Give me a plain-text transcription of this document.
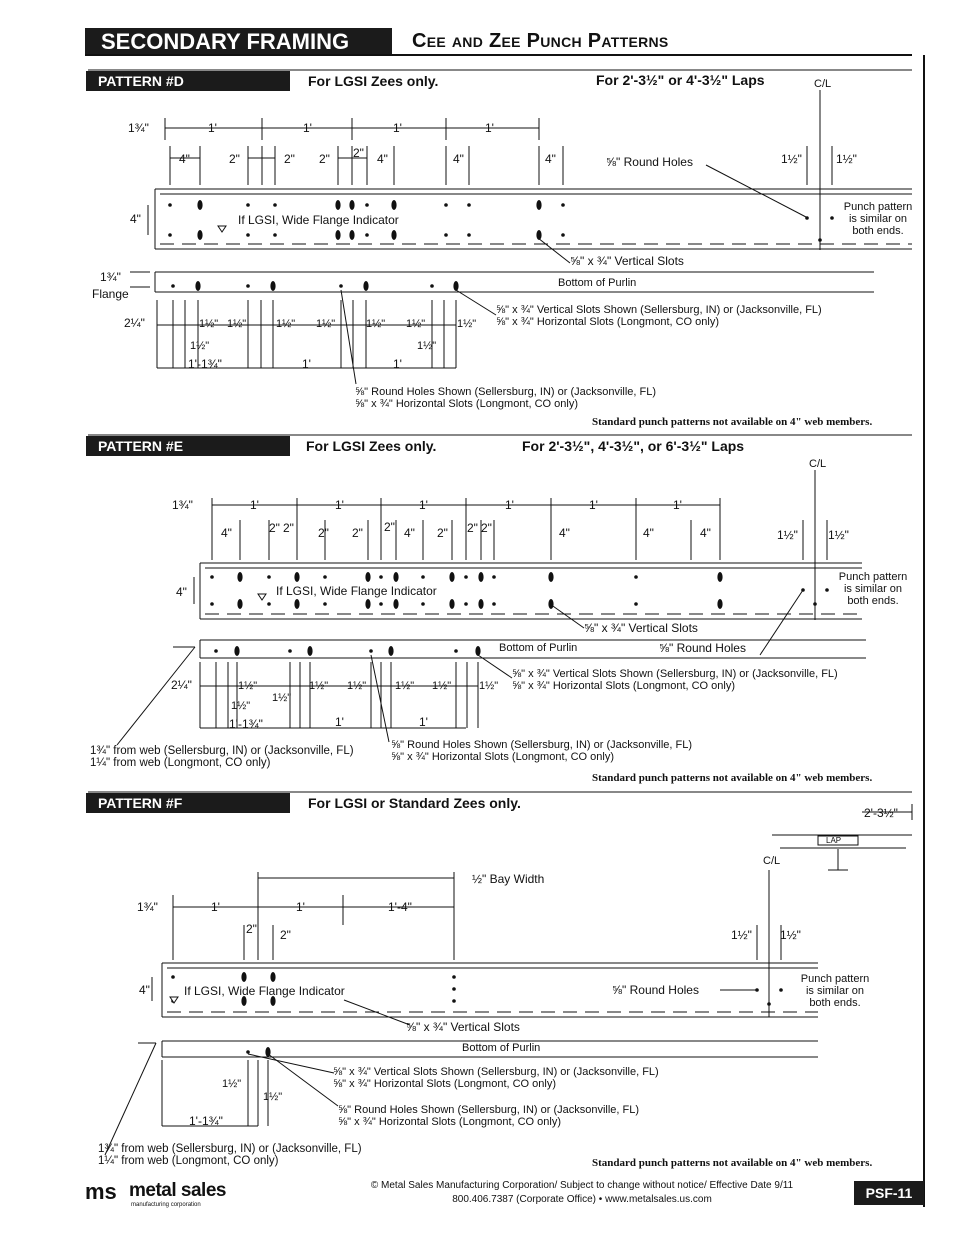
SECONDARY FRAMING	Cee and Zee Punch Patterns
PATTERN #D	For LGSI Zees only.	For 2'-3½" or 4'-3½" Laps
PATTERN #E	For LGSI Zees only.	For 2'-3½", 4'-3½", or 6'-3½" Laps
PATTERN #F	For LGSI or Standard Zees only.
1¾"	1'	1'	1'	1'
4"	2"	2" 2" 2" 4"	4"	4"	⅝" Round Holes	1½"	1½"
C/L
4"	If LGSI, Wide Flange Indicator
Punch pattern
is similar on
both ends.
⅝" x ¾" Vertical Slots
1¾"
Flange
Bottom of Purlin
⅝" x ¾" Vertical Slots Shown (Sellersburg, IN) or (Jacksonville, FL)
⅝" x ¾" Horizontal Slots (Longmont, CO only)
2¼"	1½" 1½"	1½" 1½"	1½" 1½"	1½"
1½"	1½"
1'-1¾"	1'	1'
⅝" Round Holes Shown (Sellersburg, IN) or (Jacksonville, FL)
⅝" x ¾" Horizontal Slots (Longmont, CO only)
Standard punch patterns not available on 4" web members.
1¾"	1'	1'	1'	1'	1'	1'
4"	2" 2" 2" 2" 2" 4" 2" 2" 2"	4"	4"	4"	1½"	1½"
C/L
4"	If LGSI, Wide Flange Indicator
Punch pattern
is similar on
both ends.
⅝" x ¾" Vertical Slots
Bottom of Purlin	⅝" Round Holes
⅝" x ¾" Vertical Slots Shown (Sellersburg, IN) or (Jacksonville, FL)
⅝" x ¾" Horizontal Slots (Longmont, CO only)
2¼"	1½"	1½" 1½"	1½" 1½"	1½"
1½"
1½"
1'-1¾"	1'	1'
1¾" from web (Sellersburg, IN) or (Jacksonville, FL)
1¼" from web (Longmont, CO only)
⅝" Round Holes Shown (Sellersburg, IN) or (Jacksonville, FL)
⅝" x ¾" Horizontal Slots (Longmont, CO only)
Standard punch patterns not available on 4" web members.
2'-3½"
LAP
C/L
½" Bay Width
1¾"	1'	1'	1'-4"
2" 2"	1½" 1½"
4"	If LGSI, Wide Flange Indicator	⅝" Round Holes
Punch pattern
is similar on
both ends.
⅝" x ¾" Vertical Slots
Bottom of Purlin
⅝" x ¾" Vertical Slots Shown (Sellersburg, IN) or (Jacksonville, FL)
⅝" x ¾" Horizontal Slots (Longmont, CO only)
1½"
1½"
⅝" Round Holes Shown (Sellersburg, IN) or (Jacksonville, FL)
⅝" x ¾" Horizontal Slots (Longmont, CO only)
1'-1¾"
1¾" from web (Sellersburg, IN) or (Jacksonville, FL)
1¼" from web (Longmont, CO only)	Standard punch patterns not available on 4" web members.
ms metal sales
manufacturing corporation
© Metal Sales Manufacturing Corporation/ Subject to change without notice/ Effective Date 9/11
800.406.7387 (Corporate Office) • www.metalsales.us.com	PSF-11
